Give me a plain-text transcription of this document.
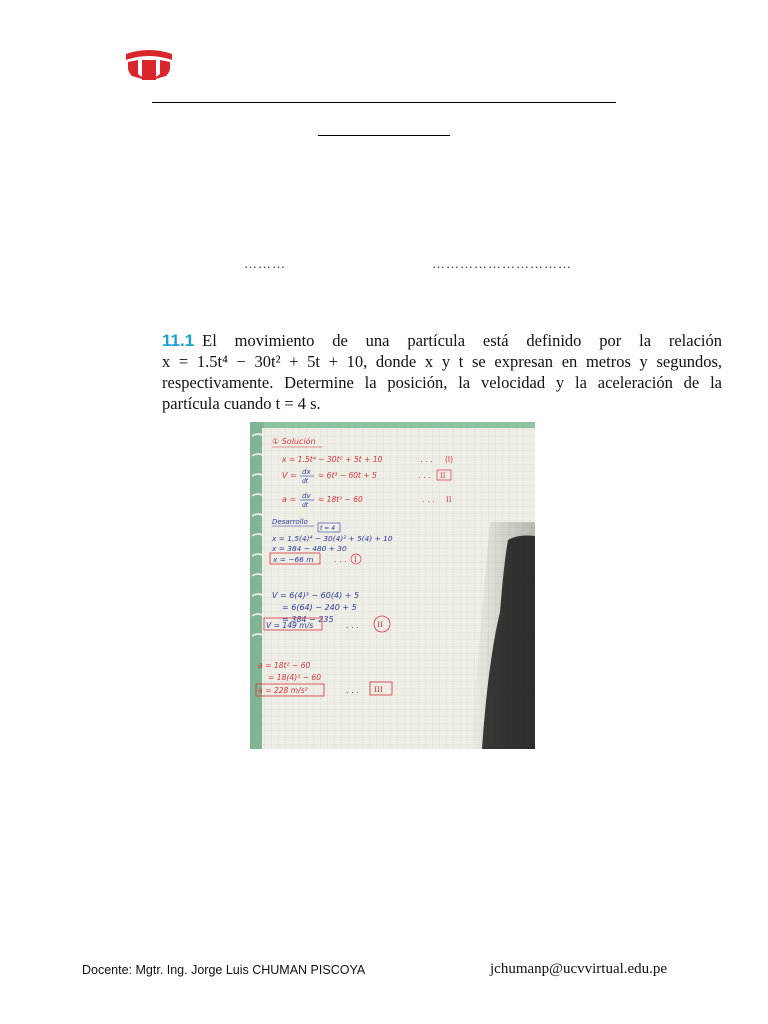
………	…………………………
11.1 El movimiento de una partícula está definido por la relación
x = 1.5t⁴ − 30t² + 5t + 10, donde x y t se expresan en metros y segundos,
respectivamente. Determine la posición, la velocidad y la aceleración de la
partícula cuando t = 4 s.
① Solución
x = 1.5t⁴ − 30t² + 5t + 10	. . . (I)
V = dx
dt
= 6t³ − 60t + 5	. . . II
a = dv
dt
= 18t² − 60	. . . II
Desarrollo
t = 4
x = 1.5(4)⁴ − 30(4)² + 5(4) + 10
x = 384 − 480 + 30
x = −66 m	. . . I
V = 6(4)³ − 60(4) + 5
= 6(64) − 240 + 5
= 384 − 235
V = 149 m/s	. . . II
a = 18t² − 60
= 18(4)² − 60
a = 228 m/s²	. . . III
Docente: Mgtr. Ing. Jorge Luis CHUMAN PISCOYA	jchumanp@ucvvirtual.edu.pe
